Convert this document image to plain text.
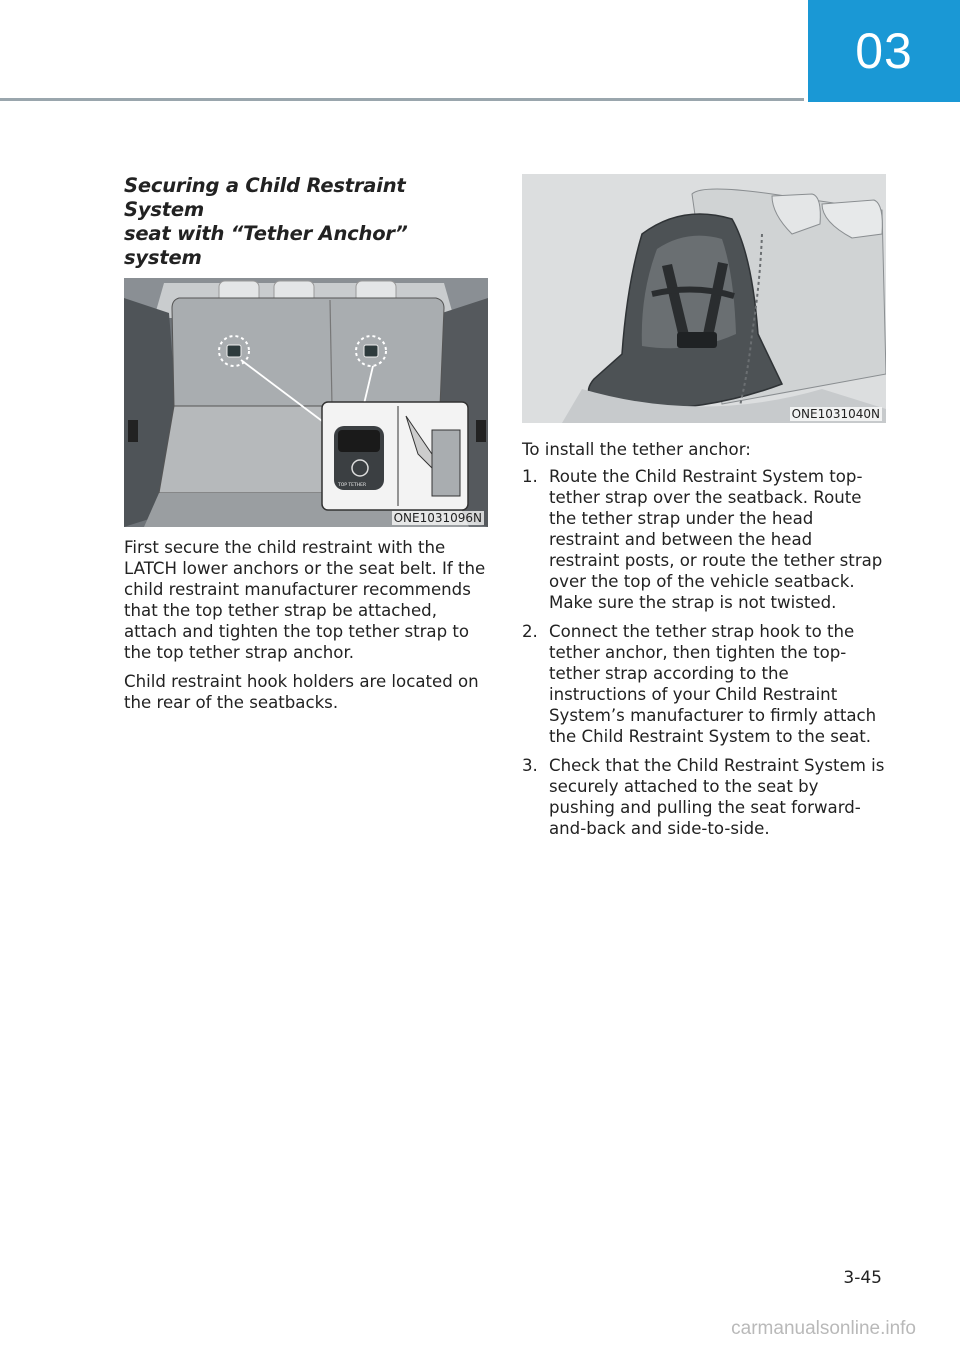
03
Securing a Child Restraint System
seat with “Tether Anchor” system
TOP TETHER
ONE1031096N

First secure the child restraint with the LATCH lower anchors or the seat belt. If the child restraint manufacturer recommends that the top tether strap be attached, attach and tighten the top tether strap to the top tether strap anchor.

Child restraint hook holders are located on the rear of the seatbacks.

ONE1031040N

To install the tether anchor:

1. Route the Child Restraint System top-tether strap over the seatback. Route the tether strap under the head restraint and between the head restraint posts, or route the tether strap over the top of the vehicle seatback. Make sure the strap is not twisted.
2. Connect the tether strap hook to the tether anchor, then tighten the top-tether strap according to the instructions of your Child Restraint System’s manufacturer to firmly attach the Child Restraint System to the seat.
3. Check that the Child Restraint System is securely attached to the seat by pushing and pulling the seat forward-and-back and side-to-side.
3-45
carmanualsonline.info
